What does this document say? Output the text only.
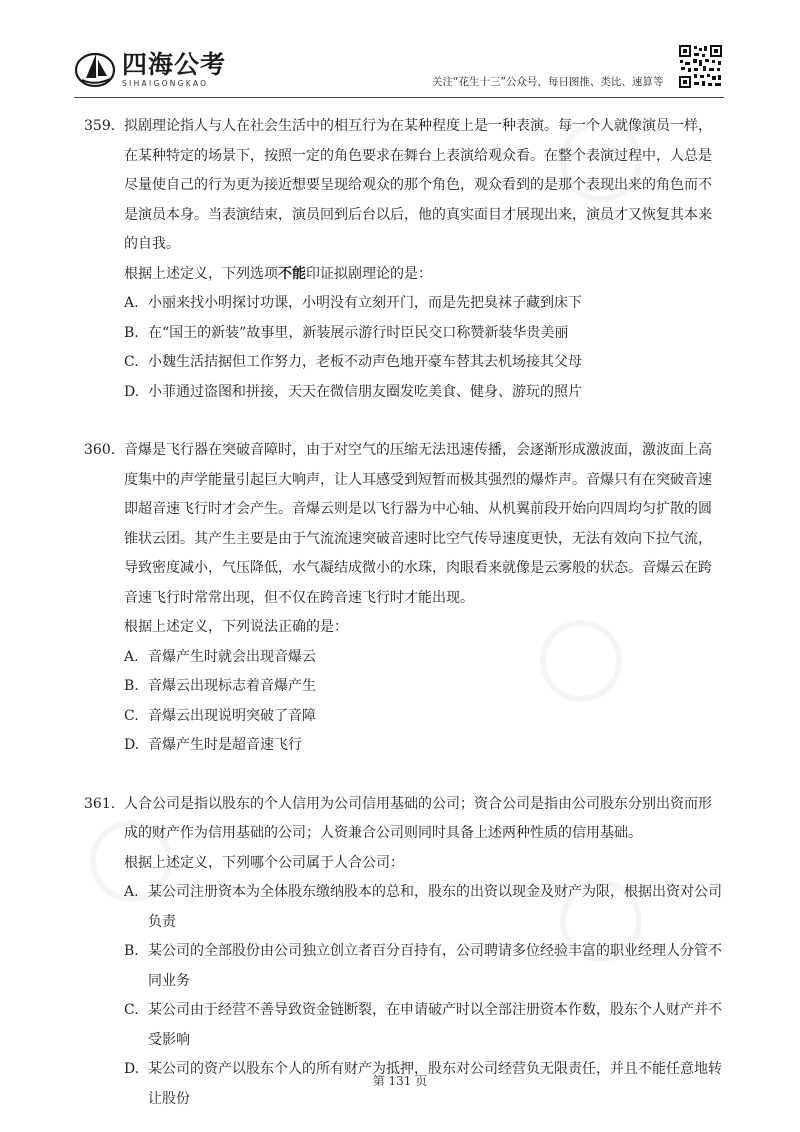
四海公考
SIHAIGONGKAO	关注“花生十三”公众号，每日图推、类比、速算等
359. 拟剧理论指人与人在社会生活中的相互行为在某种程度上是一种表演。每一个人就像演员一样，在某种特定的场景下，按照一定的角色要求在舞台上表演给观众看。在整个表演过程中，人总是尽量使自己的行为更为接近想要呈现给观众的那个角色，观众看到的是那个表现出来的角色而不是演员本身。当表演结束，演员回到后台以后，他的真实面目才展现出来，演员才又恢复其本来的自我。
根据上述定义，下列选项不能印证拟剧理论的是：
A. 小丽来找小明探讨功课，小明没有立刻开门，而是先把臭袜子藏到床下
B. 在“国王的新装”故事里，新装展示游行时臣民交口称赞新装华贵美丽
C. 小魏生活拮据但工作努力，老板不动声色地开豪车替其去机场接其父母
D. 小菲通过盗图和拼接，天天在微信朋友圈发吃美食、健身、游玩的照片
360. 音爆是飞行器在突破音障时，由于对空气的压缩无法迅速传播，会逐渐形成激波面，激波面上高度集中的声学能量引起巨大响声，让人耳感受到短暂而极其强烈的爆炸声。音爆只有在突破音速即超音速飞行时才会产生。音爆云则是以飞行器为中心轴、从机翼前段开始向四周均匀扩散的圆锥状云团。其产生主要是由于气流流速突破音速时比空气传导速度更快，无法有效向下拉气流，导致密度减小，气压降低，水气凝结成微小的水珠，肉眼看来就像是云雾般的状态。音爆云在跨音速飞行时常常出现，但不仅在跨音速飞行时才能出现。
根据上述定义，下列说法正确的是：
A. 音爆产生时就会出现音爆云
B. 音爆云出现标志着音爆产生
C. 音爆云出现说明突破了音障
D. 音爆产生时是超音速飞行
361. 人合公司是指以股东的个人信用为公司信用基础的公司；资合公司是指由公司股东分别出资而形成的财产作为信用基础的公司；人资兼合公司则同时具备上述两种性质的信用基础。
根据上述定义，下列哪个公司属于人合公司：
A. 某公司注册资本为全体股东缴纳股本的总和，股东的出资以现金及财产为限，根据出资对公司负责
B. 某公司的全部股份由公司独立创立者百分百持有，公司聘请多位经验丰富的职业经理人分管不同业务
C. 某公司由于经营不善导致资金链断裂，在申请破产时以全部注册资本作数，股东个人财产并不受影响
D. 某公司的资产以股东个人的所有财产为抵押，股东对公司经营负无限责任，并且不能任意地转让股份
第 131 页
